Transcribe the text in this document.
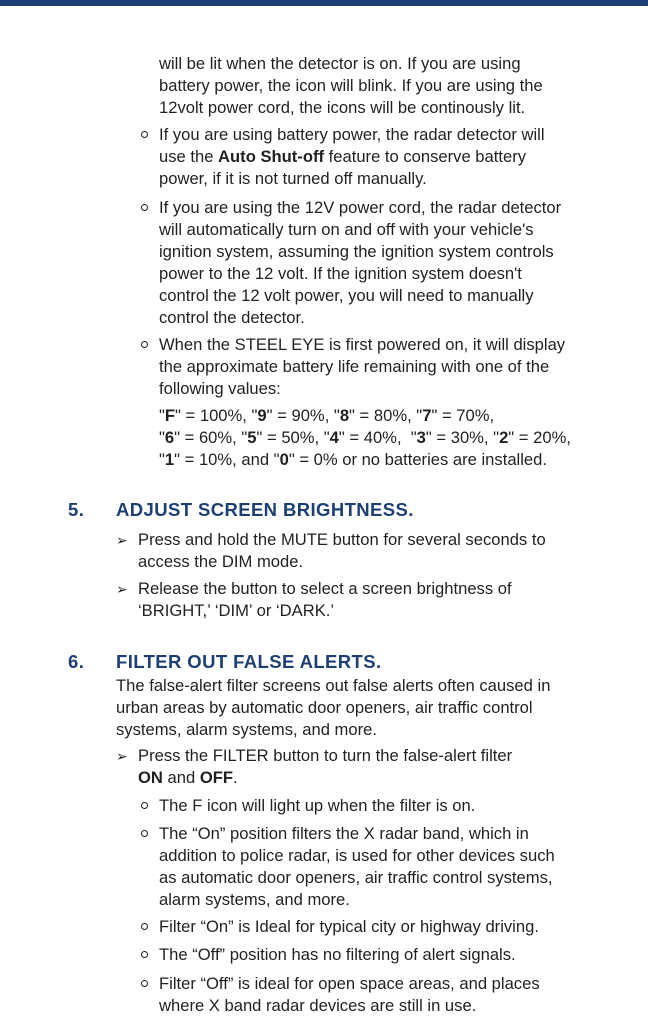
will be lit when the detector is on. If you are using battery power, the icon will blink. If you are using the 12volt power cord, the icons will be continously lit.
If you are using battery power, the radar detector will use the Auto Shut-off feature to conserve battery power, if it is not turned off manually.
If you are using the 12V power cord, the radar detector will automatically turn on and off with your vehicle's ignition system, assuming the ignition system controls power to the 12 volt. If the ignition system doesn't control the 12 volt power, you will need to manually control the detector.
When the STEEL EYE is first powered on, it will display the approximate battery life remaining with one of the following values:
"F" = 100%, "9" = 90%, "8" = 80%, "7" = 70%,
"6" = 60%, "5" = 50%, "4" = 40%,  "3" = 30%, "2" = 20%,
"1" = 10%, and "0" = 0% or no batteries are installed.
5. ADJUST SCREEN BRIGHTNESS.
➢ Press and hold the MUTE button for several seconds to access the DIM mode.
➢ Release the button to select a screen brightness of ‘BRIGHT,’ ‘DIM’ or ‘DARK.’
6. FILTER OUT FALSE ALERTS.
The false-alert filter screens out false alerts often caused in urban areas by automatic door openers, air traffic control systems, alarm systems, and more.
➢ Press the FILTER button to turn the false-alert filter
ON and OFF.
The F icon will light up when the filter is on.
The “On” position filters the X radar band, which in addition to police radar, is used for other devices such as automatic door openers, air traffic control systems, alarm systems, and more.
Filter “On” is Ideal for typical city or highway driving.
The “Off” position has no filtering of alert signals.
Filter “Off” is ideal for open space areas, and places where X band radar devices are still in use.
